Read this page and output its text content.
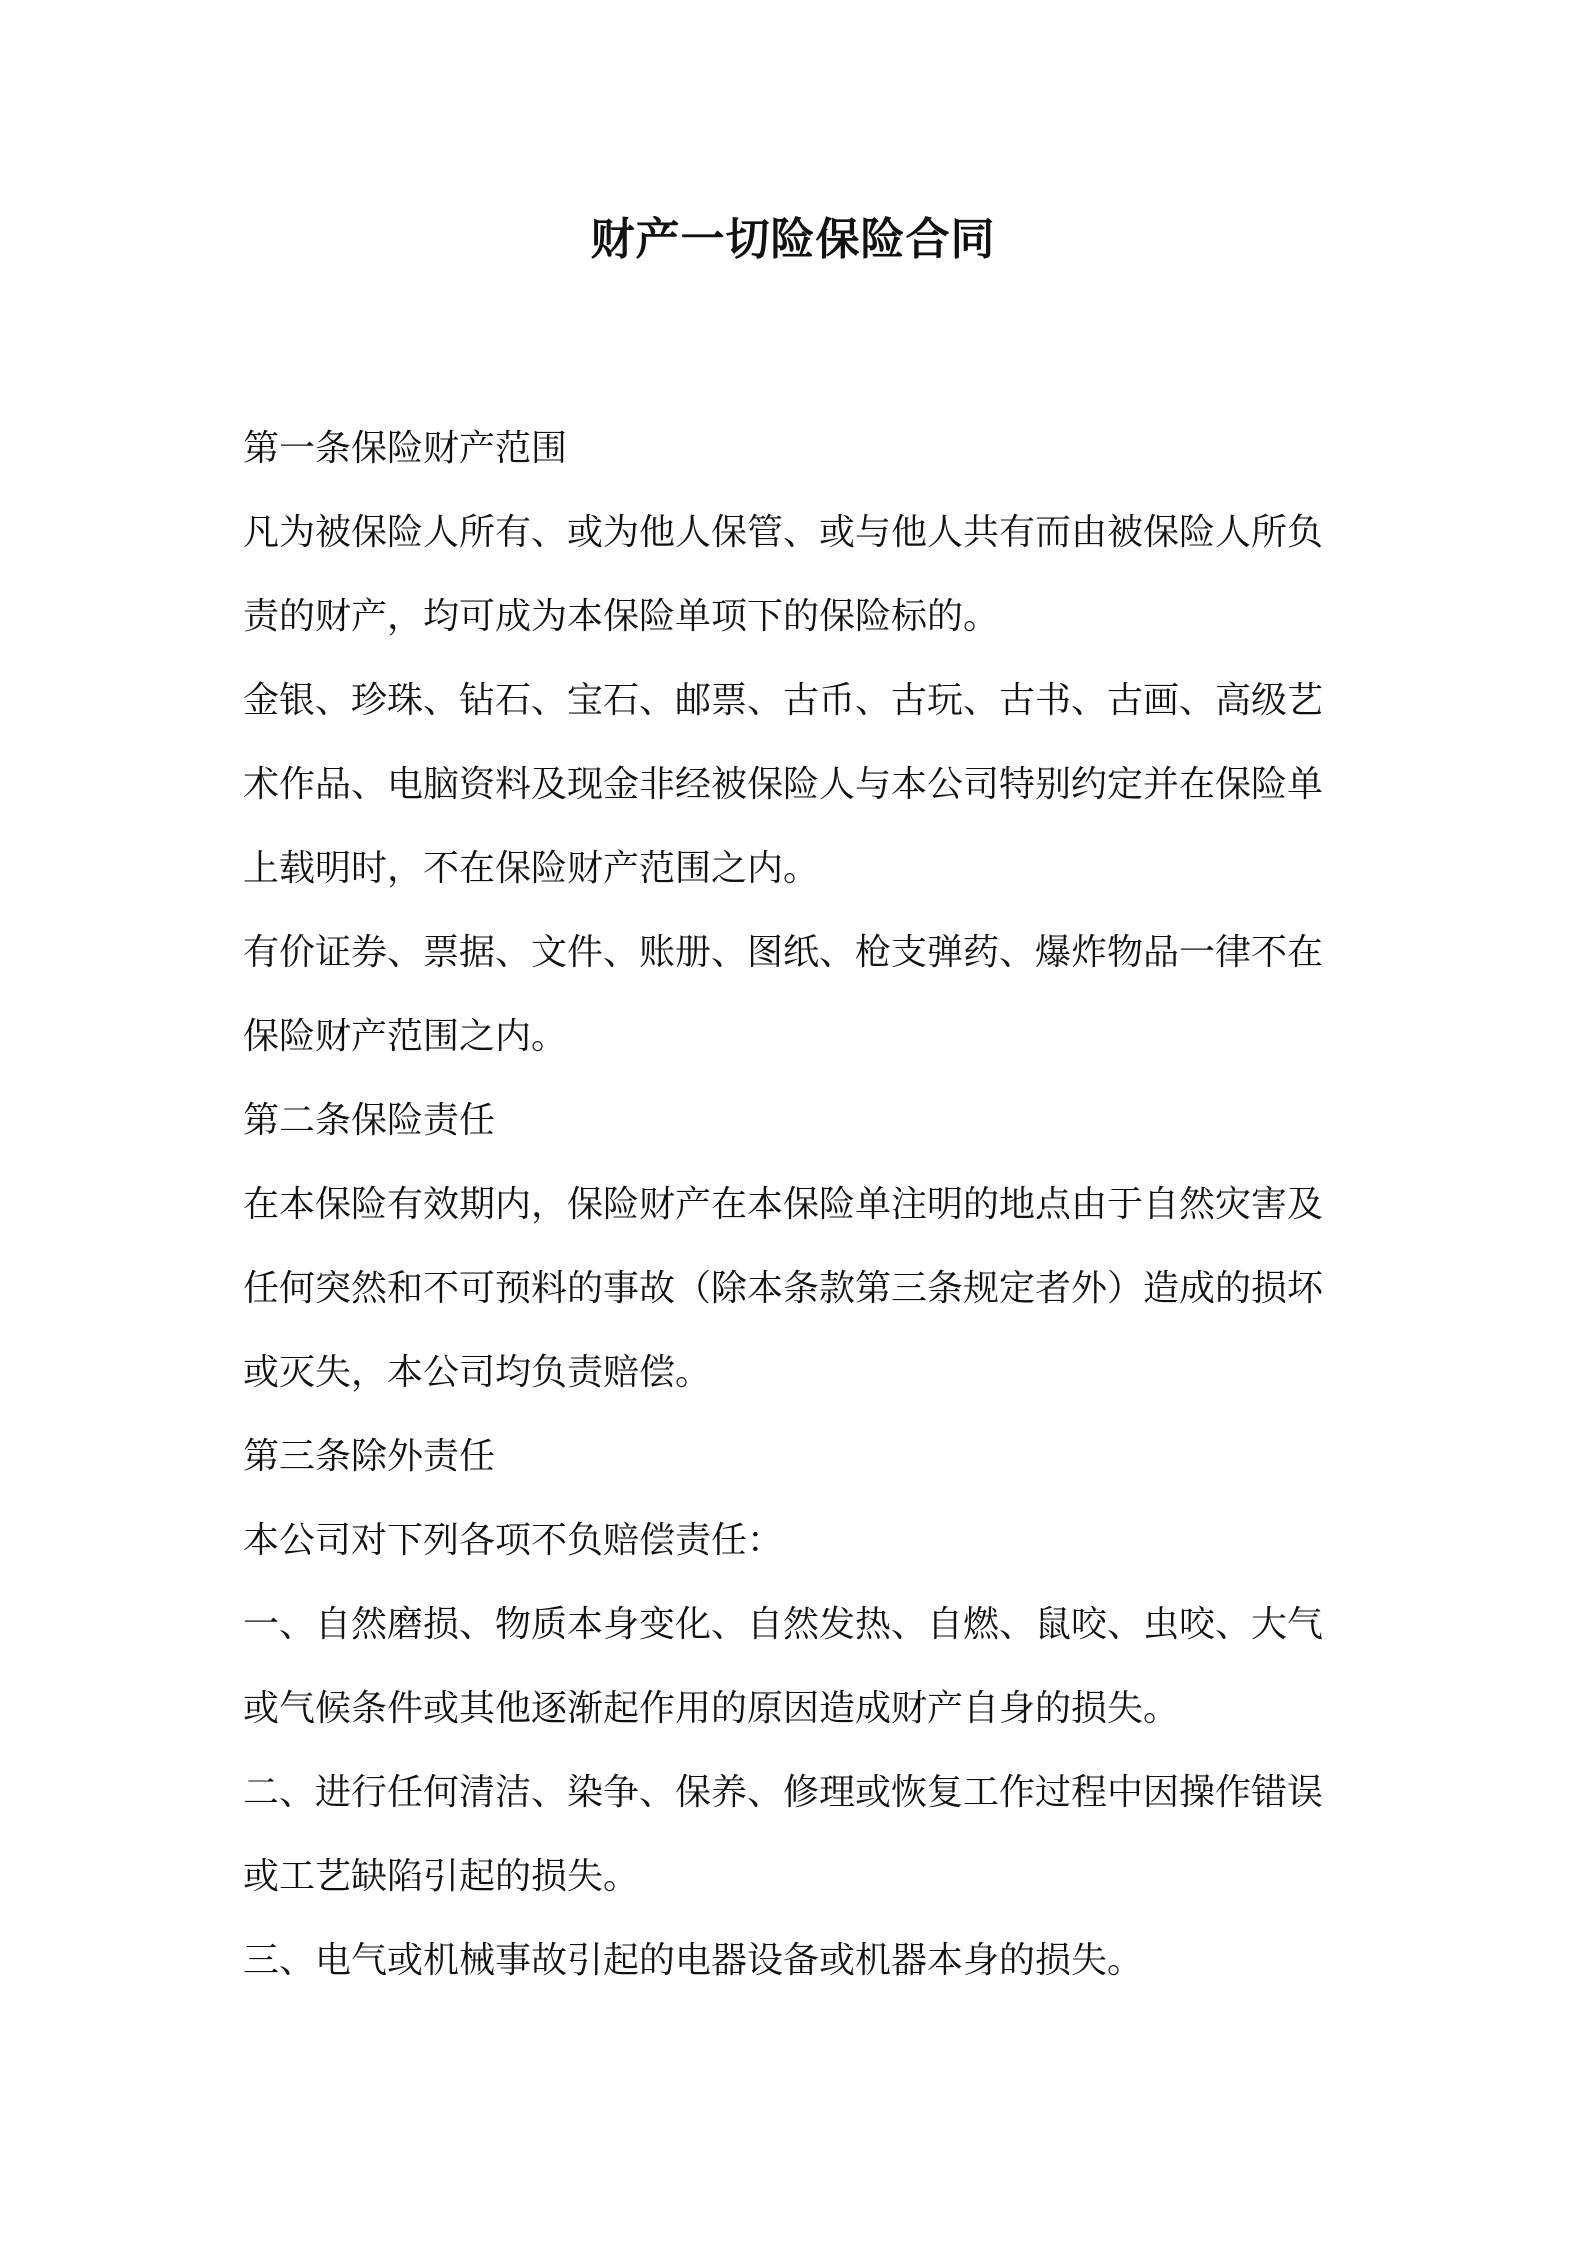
财产一切险保险合同

第一条保险财产范围

凡为被保险人所有、或为他人保管、或与他人共有而由被保险人所负责的财产，均可成为本保险单项下的保险标的。

金银、珍珠、钻石、宝石、邮票、古币、古玩、古书、古画、高级艺术作品、电脑资料及现金非经被保险人与本公司特别约定并在保险单上载明时，不在保险财产范围之内。

有价证券、票据、文件、账册、图纸、枪支弹药、爆炸物品一律不在保险财产范围之内。

第二条保险责任

在本保险有效期内，保险财产在本保险单注明的地点由于自然灾害及任何突然和不可预料的事故（除本条款第三条规定者外）造成的损坏或灭失，本公司均负责赔偿。

第三条除外责任

本公司对下列各项不负赔偿责任：

一、自然磨损、物质本身变化、自然发热、自燃、鼠咬、虫咬、大气或气候条件或其他逐渐起作用的原因造成财产自身的损失。

二、进行任何清洁、染争、保养、修理或恢复工作过程中因操作错误或工艺缺陷引起的损失。

三、电气或机械事故引起的电器设备或机器本身的损失。
